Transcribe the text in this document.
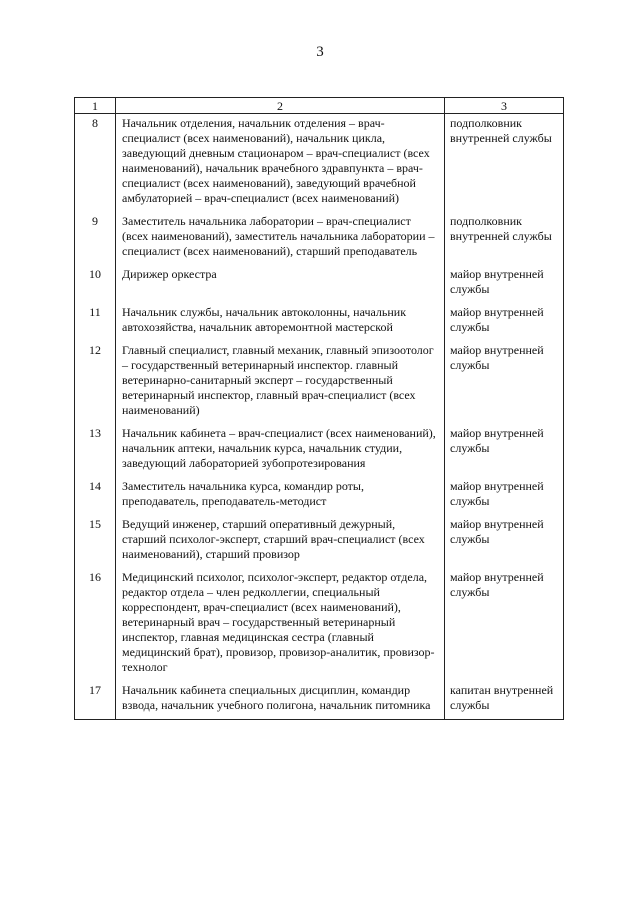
3
1	2	3
8	Начальник отделения, начальник отделения – врач-специалист (всех наименований), начальник цикла, заведующий дневным стационаром – врач-специалист (всех наименований), начальник врачебного здравпункта – врач-специалист (всех наименований), заведующий врачебной амбулаторией – врач-специалист (всех наименований)	подполковник внутренней службы

9	Заместитель начальника лаборатории – врач-специалист (всех наименований), заместитель начальника лаборатории – специалист (всех наименований), старший преподаватель	подполковник внутренней службы

10	Дирижер оркестра	майор внутренней службы

11	Начальник службы, начальник автоколонны, начальник автохозяйства, начальник авторемонтной мастерской	майор внутренней службы

12	Главный специалист, главный механик, главный эпизоотолог – государственный ветеринарный инспектор. главный ветеринарно-санитарный эксперт – государственный ветеринарный инспектор, главный врач-специалист (всех наименований)	майор внутренней службы

13	Начальник кабинета – врач-специалист (всех наименований), начальник аптеки, начальник курса, начальник студии, заведующий лабораторией зубопротезирования	майор внутренней службы

14	Заместитель начальника курса, командир роты, преподаватель, преподаватель-методист	майор внутренней службы

15	Ведущий инженер, старший оперативный дежурный, старший психолог-эксперт, старший врач-специалист (всех наименований), старший провизор	майор внутренней службы

16	Медицинский психолог, психолог-эксперт, редактор отдела, редактор отдела – член редколлегии, специальный корреспондент, врач-специалист (всех наименований), ветеринарный врач – государственный ветеринарный инспектор, главная медицинская сестра (главный медицинский брат), провизор, провизор-аналитик, провизор-технолог	майор внутренней службы

17	Начальник кабинета специальных дисциплин, командир взвода, начальник учебного полигона, начальник питомника	капитан внутренней службы
